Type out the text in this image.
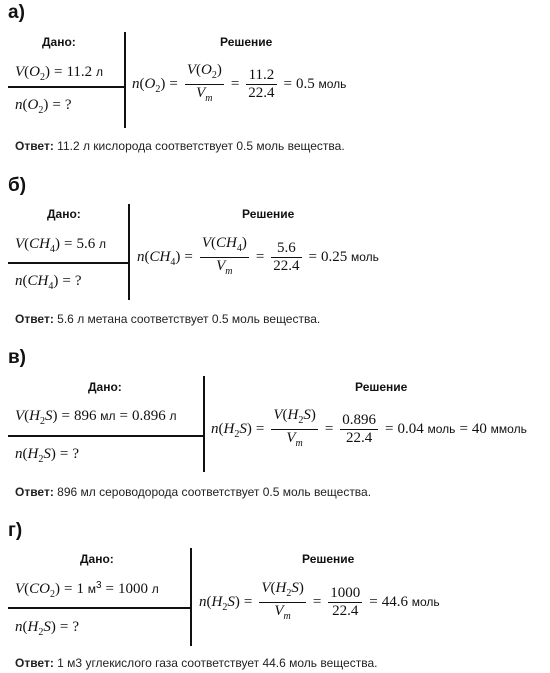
а)
Дано:	Решение
$V(O_2) = 11.2$ л
$n(O_2)$ = ?
$n(O_2) = \frac{V(O_2)}{V_m} = \frac{11.2}{22.4} = 0.5$ моль
Ответ: 11.2 л кислорода соответствует 0.5 моль вещества.
б)
Дано:	Решение
$V(CH_4) = 5.6$ л
$n(CH_4)$ = ?
$n(CH_4) = \frac{V(CH_4)}{V_m} = \frac{5.6}{22.4} = 0.25$ моль
Ответ: 5.6 л метана соответствует 0.5 моль вещества.
в)
Дано:	Решение
$V(H_2S) = 896$ мл = 0.896 л
$n(H_2S)$ = ?
$n(H_2S) = \frac{V(H_2S)}{V_m} = \frac{0.896}{22.4} = 0.04$ моль = 40 ммоль
Ответ: 896 мл сероводорода соответствует 0.5 моль вещества.
г)
Дано:	Решение
$V(CO_2) = 1$ $м^3 = 1000$ л
$n(H_2S)$ = ?
$n(H_2S) = \frac{V(H_2S)}{V_m} = \frac{1000}{22.4} = 44.6$ моль
Ответ: 1 м3 углекислого газа соответствует 44.6 моль вещества.
